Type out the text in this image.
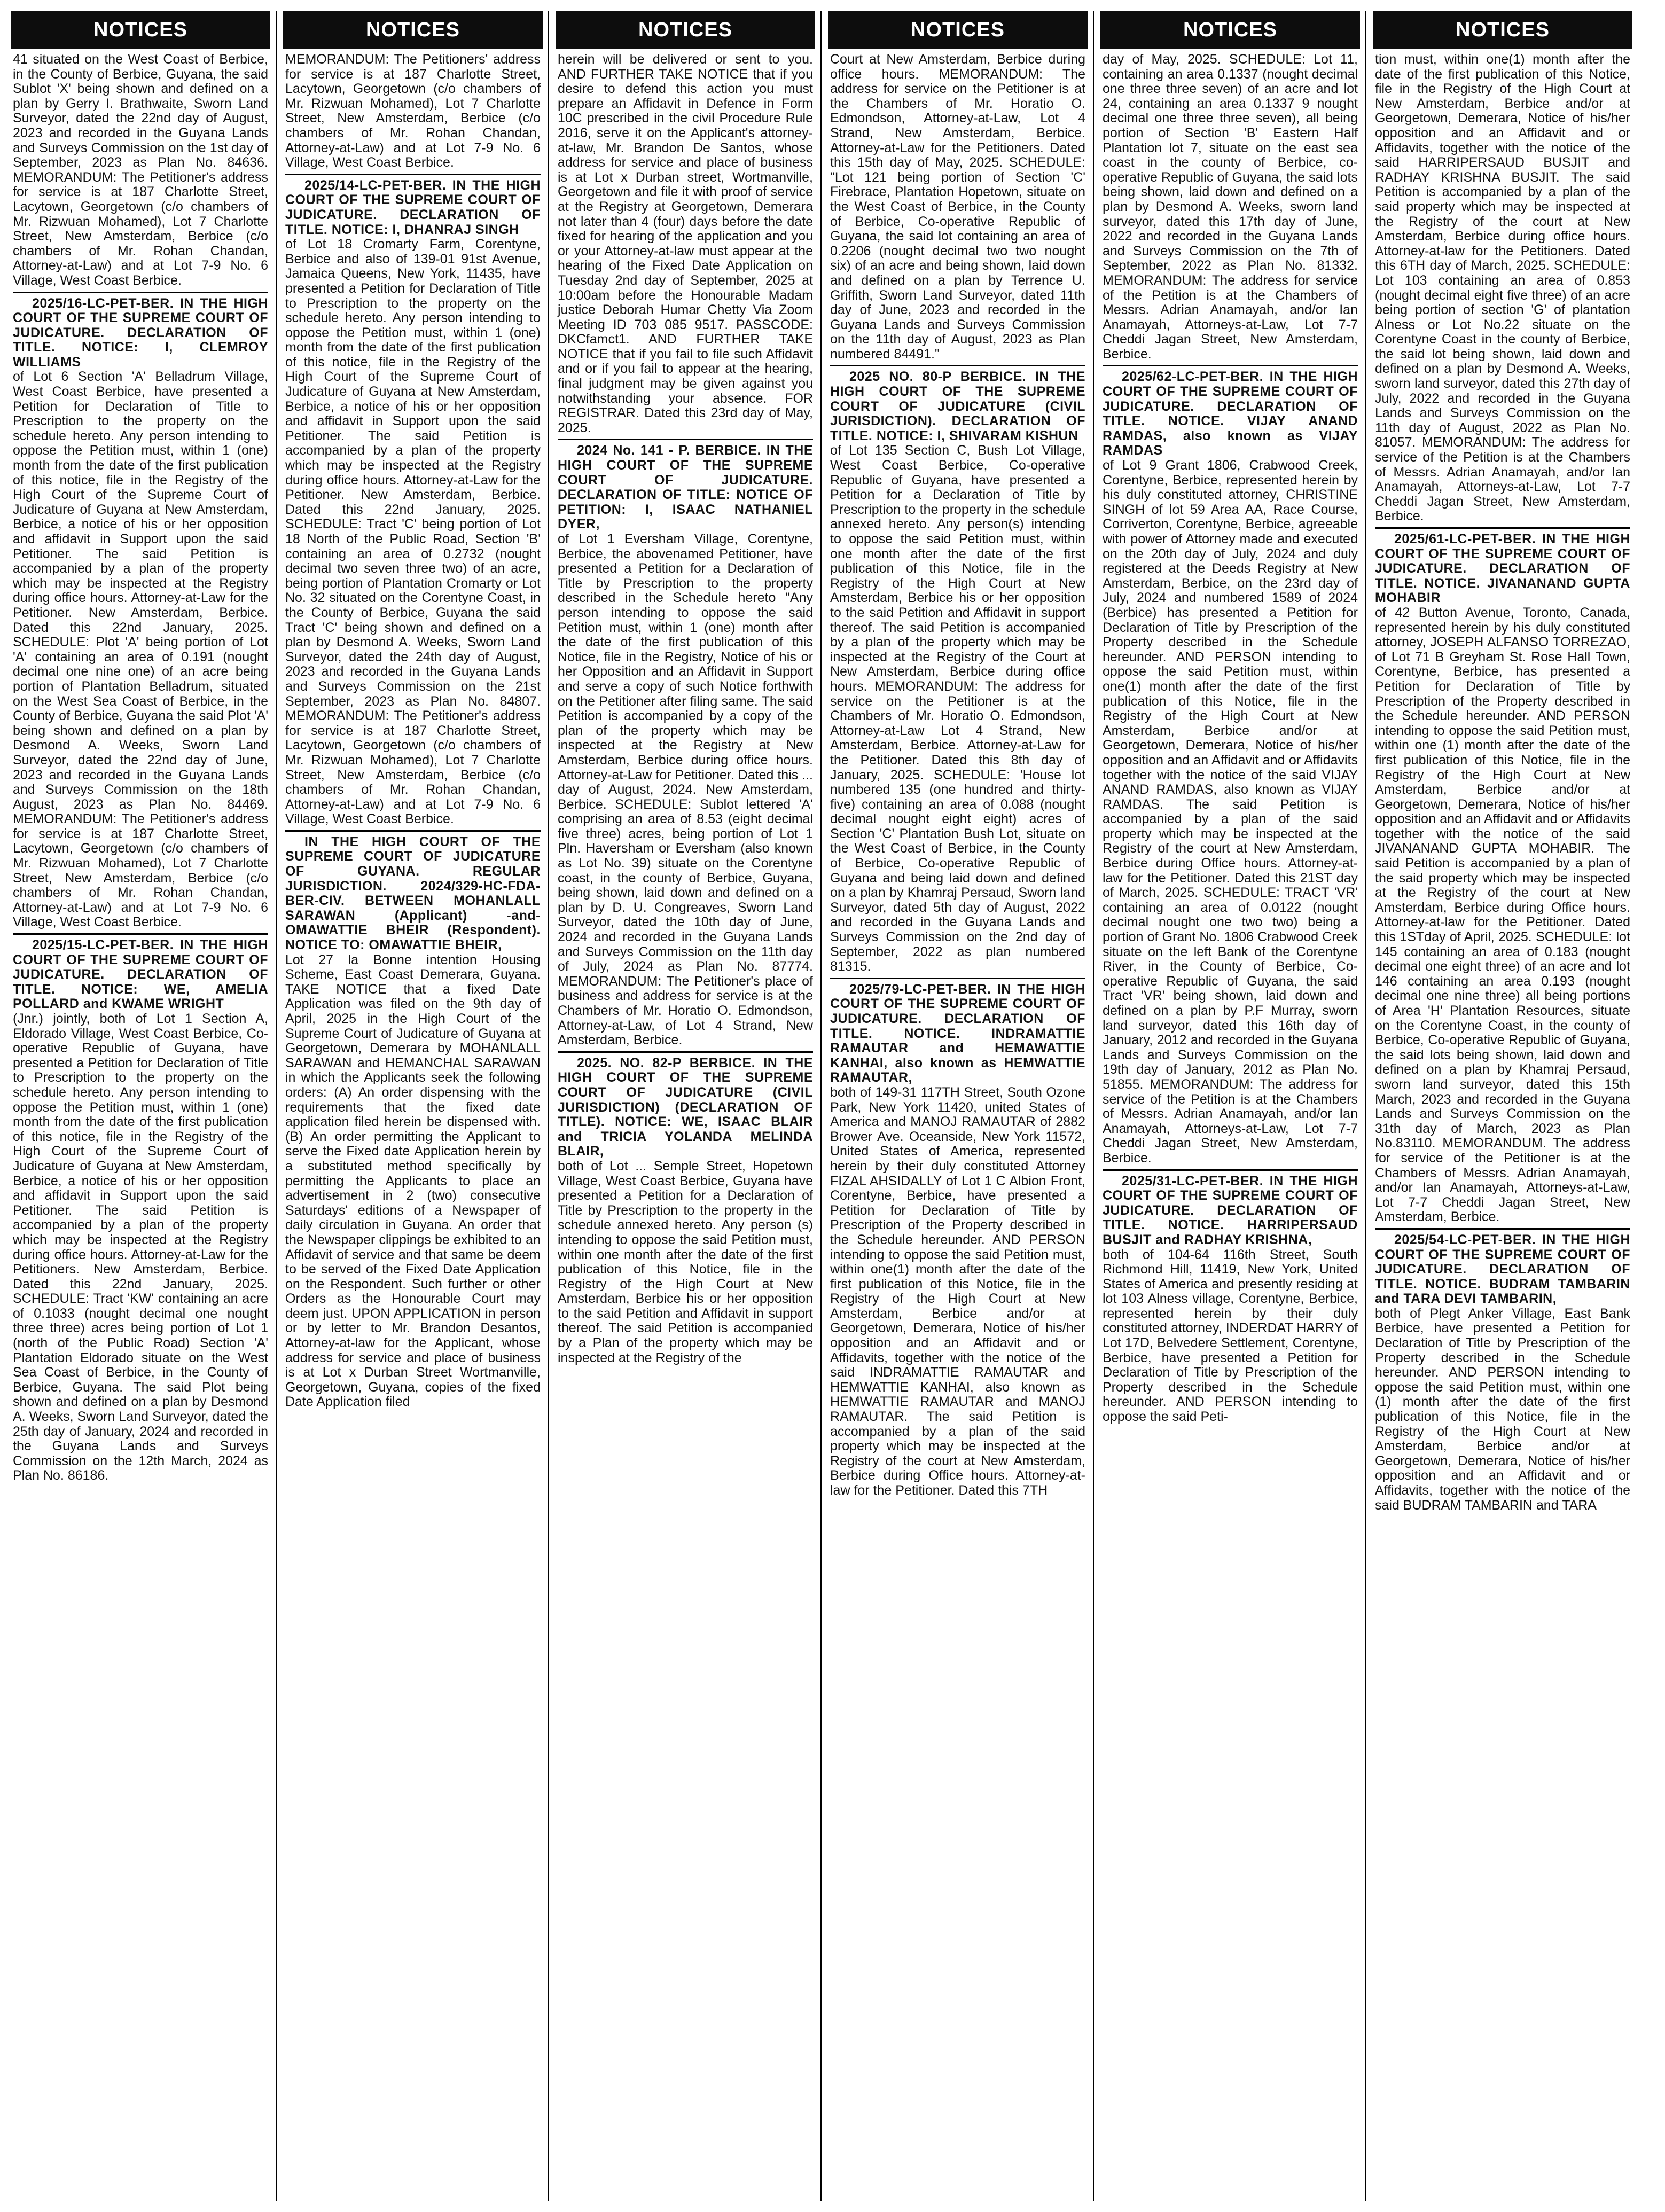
NOTICES
41 situated on the West Coast of Berbice, in the County of Berbice, Guyana, the said Sublot 'X' being shown and defined on a plan by Gerry I. Brathwaite, Sworn Land Surveyor, dated the 22nd day of August, 2023 and recorded in the Guyana Lands and Surveys Commission on the 1st day of September, 2023 as Plan No. 84636. MEMORANDUM: The Petitioner's address for service is at 187 Charlotte Street, Lacytown, Georgetown (c/o chambers of Mr. Rizwuan Mohamed), Lot 7 Charlotte Street, New Amsterdam, Berbice (c/o chambers of Mr. Rohan Chandan, Attorney-at-Law) and at Lot 7-9 No. 6 Village, West Coast Berbice.
2025/16-LC-PET-BER. IN THE HIGH COURT OF THE SUPREME COURT OF JUDICATURE. DECLARATION OF TITLE. NOTICE: I, CLEMROY WILLIAMS
of Lot 6 Section 'A' Belladrum Village, West Coast Berbice, have presented a Petition for Declaration of Title to Prescription to the property on the schedule hereto. Any person intending to oppose the Petition must, within 1 (one) month from the date of the first publication of this notice, file in the Registry of the High Court of the Supreme Court of Judicature of Guyana at New Amsterdam, Berbice, a notice of his or her opposition and affidavit in Support upon the said Petitioner. The said Petition is accompanied by a plan of the property which may be inspected at the Registry during office hours. Attorney-at-Law for the Petitioner. New Amsterdam, Berbice. Dated this 22nd January, 2025. SCHEDULE: Plot 'A' being portion of Lot 'A' containing an area of 0.191 (nought decimal one nine one) of an acre being portion of Plantation Belladrum, situated on the West Sea Coast of Berbice, in the County of Berbice, Guyana the said Plot 'A' being shown and defined on a plan by Desmond A. Weeks, Sworn Land Surveyor, dated the 22nd day of June, 2023 and recorded in the Guyana Lands and Surveys Commission on the 18th August, 2023 as Plan No. 84469. MEMORANDUM: The Petitioner's address for service is at 187 Charlotte Street, Lacytown, Georgetown (c/o chambers of Mr. Rizwuan Mohamed), Lot 7 Charlotte Street, New Amsterdam, Berbice (c/o chambers of Mr. Rohan Chandan, Attorney-at-Law) and at Lot 7-9 No. 6 Village, West Coast Berbice.
2025/15-LC-PET-BER. IN THE HIGH COURT OF THE SUPREME COURT OF JUDICATURE. DECLARATION OF TITLE. NOTICE: WE, AMELIA POLLARD and KWAME WRIGHT
(Jnr.) jointly, both of Lot 1 Section A, Eldorado Village, West Coast Berbice, Co-operative Republic of Guyana, have presented a Petition for Declaration of Title to Prescription to the property on the schedule hereto. Any person intending to oppose the Petition must, within 1 (one) month from the date of the first publication of this notice, file in the Registry of the High Court of the Supreme Court of Judicature of Guyana at New Amsterdam, Berbice, a notice of his or her opposition and affidavit in Support upon the said Petitioner. The said Petition is accompanied by a plan of the property which may be inspected at the Registry during office hours. Attorney-at-Law for the Petitioners. New Amsterdam, Berbice. Dated this 22nd January, 2025. SCHEDULE: Tract 'KW' containing an acre of 0.1033 (nought decimal one nought three three) acres being portion of Lot 1 (north of the Public Road) Section 'A' Plantation Eldorado situate on the West Sea Coast of Berbice, in the County of Berbice, Guyana. The said Plot being shown and defined on a plan by Desmond A. Weeks, Sworn Land Surveyor, dated the 25th day of January, 2024 and recorded in the Guyana Lands and Surveys Commission on the 12th March, 2024 as Plan No. 86186.
NOTICES
MEMORANDUM: The Petitioners' address for service is at 187 Charlotte Street, Lacytown, Georgetown (c/o chambers of Mr. Rizwuan Mohamed), Lot 7 Charlotte Street, New Amsterdam, Berbice (c/o chambers of Mr. Rohan Chandan, Attorney-at-Law) and at Lot 7-9 No. 6 Village, West Coast Berbice.
2025/14-LC-PET-BER. IN THE HIGH COURT OF THE SUPREME COURT OF JUDICATURE. DECLARATION OF TITLE. NOTICE: I, DHANRAJ SINGH
of Lot 18 Cromarty Farm, Corentyne, Berbice and also of 139-01 91st Avenue, Jamaica Queens, New York, 11435, have presented a Petition for Declaration of Title to Prescription to the property on the schedule hereto. Any person intending to oppose the Petition must, within 1 (one) month from the date of the first publication of this notice, file in the Registry of the High Court of the Supreme Court of Judicature of Guyana at New Amsterdam, Berbice, a notice of his or her opposition and affidavit in Support upon the said Petitioner. The said Petition is accompanied by a plan of the property which may be inspected at the Registry during office hours. Attorney-at-Law for the Petitioner. New Amsterdam, Berbice. Dated this 22nd January, 2025. SCHEDULE: Tract 'C' being portion of Lot 18 North of the Public Road, Section 'B' containing an area of 0.2732 (nought decimal two seven three two) of an acre, being portion of Plantation Cromarty or Lot No. 32 situated on the Corentyne Coast, in the County of Berbice, Guyana the said Tract 'C' being shown and defined on a plan by Desmond A. Weeks, Sworn Land Surveyor, dated the 24th day of August, 2023 and recorded in the Guyana Lands and Surveys Commission on the 21st September, 2023 as Plan No. 84807. MEMORANDUM: The Petitioner's address for service is at 187 Charlotte Street, Lacytown, Georgetown (c/o chambers of Mr. Rizwuan Mohamed), Lot 7 Charlotte Street, New Amsterdam, Berbice (c/o chambers of Mr. Rohan Chandan, Attorney-at-Law) and at Lot 7-9 No. 6 Village, West Coast Berbice.
IN THE HIGH COURT OF THE SUPREME COURT OF JUDICATURE OF GUYANA. REGULAR JURISDICTION. 2024/329-HC-FDA-BER-CIV. BETWEEN MOHANLALL SARAWAN (Applicant) -and- OMAWATTIE BHEIR (Respondent). NOTICE TO: OMAWATTIE BHEIR,
Lot 27 la Bonne intention Housing Scheme, East Coast Demerara, Guyana. TAKE NOTICE that a fixed Date Application was filed on the 9th day of April, 2025 in the High Court of the Supreme Court of Judicature of Guyana at Georgetown, Demerara by MOHANLALL SARAWAN and HEMANCHAL SARAWAN in which the Applicants seek the following orders: (A) An order dispensing with the requirements that the fixed date application filed herein be dispensed with. (B) An order permitting the Applicant to serve the Fixed date Application herein by a substituted method specifically by permitting the Applicants to place an advertisement in 2 (two) consecutive Saturdays' editions of a Newspaper of daily circulation in Guyana. An order that the Newspaper clippings be exhibited to an Affidavit of service and that same be deem to be served of the Fixed Date Application on the Respondent. Such further or other Orders as the Honourable Court may deem just. UPON APPLICATION in person or by letter to Mr. Brandon Desantos, Attorney-at-law for the Applicant, whose address for service and place of business is at Lot x Durban Street Wortmanville, Georgetown, Guyana, copies of the fixed Date Application filed
NOTICES
herein will be delivered or sent to you. AND FURTHER TAKE NOTICE that if you desire to defend this action you must prepare an Affidavit in Defence in Form 10C prescribed in the civil Procedure Rule 2016, serve it on the Applicant's attorney-at-law, Mr. Brandon De Santos, whose address for service and place of business is at Lot x Durban street, Wortmanville, Georgetown and file it with proof of service at the Registry at Georgetown, Demerara not later than 4 (four) days before the date fixed for hearing of the application and you or your Attorney-at-law must appear at the hearing of the Fixed Date Application on Tuesday 2nd day of September, 2025 at 10:00am before the Honourable Madam justice Deborah Humar Chetty Via Zoom Meeting ID 703 085 9517. PASSCODE: DKCfamct1. AND FURTHER TAKE NOTICE that if you fail to file such Affidavit and or if you fail to appear at the hearing, final judgment may be given against you notwithstanding your absence. FOR REGISTRAR. Dated this 23rd day of May, 2025.
2024 No. 141 - P. BERBICE. IN THE HIGH COURT OF THE SUPREME COURT OF JUDICATURE. DECLARATION OF TITLE: NOTICE OF PETITION: I, ISAAC NATHANIEL DYER,
of Lot 1 Eversham Village, Corentyne, Berbice, the abovenamed Petitioner, have presented a Petition for a Declaration of Title by Prescription to the property described in the Schedule hereto "Any person intending to oppose the said Petition must, within 1 (one) month after the date of the first publication of this Notice, file in the Registry, Notice of his or her Opposition and an Affidavit in Support and serve a copy of such Notice forthwith on the Petitioner after filing same. The said Petition is accompanied by a copy of the plan of the property which may be inspected at the Registry at New Amsterdam, Berbice during office hours. Attorney-at-Law for Petitioner. Dated this ... day of August, 2024. New Amsterdam, Berbice. SCHEDULE: Sublot lettered 'A' comprising an area of 8.53 (eight decimal five three) acres, being portion of Lot 1 Pln. Haversham or Eversham (also known as Lot No. 39) situate on the Corentyne coast, in the county of Berbice, Guyana, being shown, laid down and defined on a plan by D. U. Congreaves, Sworn Land Surveyor, dated the 10th day of June, 2024 and recorded in the Guyana Lands and Surveys Commission on the 11th day of July, 2024 as Plan No. 87774. MEMORANDUM: The Petitioner's place of business and address for service is at the Chambers of Mr. Horatio O. Edmondson, Attorney-at-Law, of Lot 4 Strand, New Amsterdam, Berbice.
2025. NO. 82-P BERBICE. IN THE HIGH COURT OF THE SUPREME COURT OF JUDICATURE (CIVIL JURISDICTION) (DECLARATION OF TITLE). NOTICE: WE, ISAAC BLAIR and TRICIA YOLANDA MELINDA BLAIR,
both of Lot ... Semple Street, Hopetown Village, West Coast Berbice, Guyana have presented a Petition for a Declaration of Title by Prescription to the property in the schedule annexed hereto. Any person (s) intending to oppose the said Petition must, within one month after the date of the first publication of this Notice, file in the Registry of the High Court at New Amsterdam, Berbice his or her opposition to the said Petition and Affidavit in support thereof. The said Petition is accompanied by a Plan of the property which may be inspected at the Registry of the
NOTICES
Court at New Amsterdam, Berbice during office hours. MEMORANDUM: The address for service on the Petitioner is at the Chambers of Mr. Horatio O. Edmondson, Attorney-at-Law, Lot 4 Strand, New Amsterdam, Berbice. Attorney-at-Law for the Petitioners. Dated this 15th day of May, 2025. SCHEDULE: "Lot 121 being portion of Section 'C' Firebrace, Plantation Hopetown, situate on the West Coast of Berbice, in the County of Berbice, Co-operative Republic of Guyana, the said lot containing an area of 0.2206 (nought decimal two two nought six) of an acre and being shown, laid down and defined on a plan by Terrence U. Griffith, Sworn Land Surveyor, dated 11th day of June, 2023 and recorded in the Guyana Lands and Surveys Commission on the 11th day of August, 2023 as Plan numbered 84491."
2025 NO. 80-P BERBICE. IN THE HIGH COURT OF THE SUPREME COURT OF JUDICATURE (CIVIL JURISDICTION). DECLARATION OF TITLE. NOTICE: I, SHIVARAM KISHUN
of Lot 135 Section C, Bush Lot Village, West Coast Berbice, Co-operative Republic of Guyana, have presented a Petition for a Declaration of Title by Prescription to the property in the schedule annexed hereto. Any person(s) intending to oppose the said Petition must, within one month after the date of the first publication of this Notice, file in the Registry of the High Court at New Amsterdam, Berbice his or her opposition to the said Petition and Affidavit in support thereof. The said Petition is accompanied by a plan of the property which may be inspected at the Registry of the Court at New Amsterdam, Berbice during office hours. MEMORANDUM: The address for service on the Petitioner is at the Chambers of Mr. Horatio O. Edmondson, Attorney-at-Law Lot 4 Strand, New Amsterdam, Berbice. Attorney-at-Law for the Petitioner. Dated this 8th day of January, 2025. SCHEDULE: 'House lot numbered 135 (one hundred and thirty-five) containing an area of 0.088 (nought decimal nought eight eight) acres of Section 'C' Plantation Bush Lot, situate on the West Coast of Berbice, in the County of Berbice, Co-operative Republic of Guyana and being laid down and defined on a plan by Khamraj Persaud, Sworn land Surveyor, dated 5th day of August, 2022 and recorded in the Guyana Lands and Surveys Commission on the 2nd day of September, 2022 as plan numbered 81315.
2025/79-LC-PET-BER. IN THE HIGH COURT OF THE SUPREME COURT OF JUDICATURE. DECLARATION OF TITLE. NOTICE. INDRAMATTIE RAMAUTAR and HEMAWATTIE KANHAI, also known as HEMWATTIE RAMAUTAR,
both of 149-31 117TH Street, South Ozone Park, New York 11420, united States of America and MANOJ RAMAUTAR of 2882 Brower Ave. Oceanside, New York 11572, United States of America, represented herein by their duly constituted Attorney FIZAL AHSIDALLY of Lot 1 C Albion Front, Corentyne, Berbice, have presented a Petition for Declaration of Title by Prescription of the Property described in the Schedule hereunder. AND PERSON intending to oppose the said Petition must, within one(1) month after the date of the first publication of this Notice, file in the Registry of the High Court at New Amsterdam, Berbice and/or at Georgetown, Demerara, Notice of his/her opposition and an Affidavit and or Affidavits, together with the notice of the said INDRAMATTIE RAMAUTAR and HEMWATTIE KANHAI, also known as HEMWATTIE RAMAUTAR and MANOJ RAMAUTAR. The said Petition is accompanied by a plan of the said property which may be inspected at the Registry of the court at New Amsterdam, Berbice during Office hours. Attorney-at-law for the Petitioner. Dated this 7TH
NOTICES
day of May, 2025. SCHEDULE: Lot 11, containing an area 0.1337 (nought decimal one three three seven) of an acre and lot 24, containing an area 0.1337 9 nought decimal one three three seven), all being portion of Section 'B' Eastern Half Plantation lot 7, situate on the east sea coast in the county of Berbice, co-operative Republic of Guyana, the said lots being shown, laid down and defined on a plan by Desmond A. Weeks, sworn land surveyor, dated this 17th day of June, 2022 and recorded in the Guyana Lands and Surveys Commission on the 7th of September, 2022 as Plan No. 81332. MEMORANDUM: The address for service of the Petition is at the Chambers of Messrs. Adrian Anamayah, and/or Ian Anamayah, Attorneys-at-Law, Lot 7-7 Cheddi Jagan Street, New Amsterdam, Berbice.
2025/62-LC-PET-BER. IN THE HIGH COURT OF THE SUPREME COURT OF JUDICATURE. DECLARATION OF TITLE. NOTICE. VIJAY ANAND RAMDAS, also known as VIJAY RAMDAS
of Lot 9 Grant 1806, Crabwood Creek, Corentyne, Berbice, represented herein by his duly constituted attorney, CHRISTINE SINGH of lot 59 Area AA, Race Course, Corriverton, Corentyne, Berbice, agreeable with power of Attorney made and executed on the 20th day of July, 2024 and duly registered at the Deeds Registry at New Amsterdam, Berbice, on the 23rd day of July, 2024 and numbered 1589 of 2024 (Berbice) has presented a Petition for Declaration of Title by Prescription of the Property described in the Schedule hereunder. AND PERSON intending to oppose the said Petition must, within one(1) month after the date of the first publication of this Notice, file in the Registry of the High Court at New Amsterdam, Berbice and/or at Georgetown, Demerara, Notice of his/her opposition and an Affidavit and or Affidavits together with the notice of the said VIJAY ANAND RAMDAS, also known as VIJAY RAMDAS. The said Petition is accompanied by a plan of the said property which may be inspected at the Registry of the court at New Amsterdam, Berbice during Office hours. Attorney-at-law for the Petitioner. Dated this 21ST day of March, 2025. SCHEDULE: TRACT 'VR' containing an area of 0.0122 (nought decimal nought one two two) being a portion of Grant No. 1806 Crabwood Creek situate on the left Bank of the Corentyne River, in the County of Berbice, Co-operative Republic of Guyana, the said Tract 'VR' being shown, laid down and defined on a plan by P.F Murray, sworn land surveyor, dated this 16th day of January, 2012 and recorded in the Guyana Lands and Surveys Commission on the 19th day of January, 2012 as Plan No. 51855. MEMORANDUM: The address for service of the Petition is at the Chambers of Messrs. Adrian Anamayah, and/or Ian Anamayah, Attorneys-at-Law, Lot 7-7 Cheddi Jagan Street, New Amsterdam, Berbice.
2025/31-LC-PET-BER. IN THE HIGH COURT OF THE SUPREME COURT OF JUDICATURE. DECLARATION OF TITLE. NOTICE. HARRIPERSAUD BUSJIT and RADHAY KRISHNA,
both of 104-64 116th Street, South Richmond Hill, 11419, New York, United States of America and presently residing at lot 103 Alness village, Corentyne, Berbice, represented herein by their duly constituted attorney, INDERDAT HARRY of Lot 17D, Belvedere Settlement, Corentyne, Berbice, have presented a Petition for Declaration of Title by Prescription of the Property described in the Schedule hereunder. AND PERSON intending to oppose the said Peti-
NOTICES
tion must, within one(1) month after the date of the first publication of this Notice, file in the Registry of the High Court at New Amsterdam, Berbice and/or at Georgetown, Demerara, Notice of his/her opposition and an Affidavit and or Affidavits, together with the notice of the said HARRIPERSAUD BUSJIT and RADHAY KRISHNA BUSJIT. The said Petition is accompanied by a plan of the said property which may be inspected at the Registry of the court at New Amsterdam, Berbice during office hours. Attorney-at-law for the Petitioners. Dated this 6TH day of March, 2025. SCHEDULE: Lot 103 containing an area of 0.853 (nought decimal eight five three) of an acre being portion of section 'G' of plantation Alness or Lot No.22 situate on the Corentyne Coast in the county of Berbice, the said lot being shown, laid down and defined on a plan by Desmond A. Weeks, sworn land surveyor, dated this 27th day of July, 2022 and recorded in the Guyana Lands and Surveys Commission on the 11th day of August, 2022 as Plan No. 81057. MEMORANDUM: The address for service of the Petition is at the Chambers of Messrs. Adrian Anamayah, and/or Ian Anamayah, Attorneys-at-Law, Lot 7-7 Cheddi Jagan Street, New Amsterdam, Berbice.
2025/61-LC-PET-BER. IN THE HIGH COURT OF THE SUPREME COURT OF JUDICATURE. DECLARATION OF TITLE. NOTICE. JIVANANAND GUPTA MOHABIR
of 42 Button Avenue, Toronto, Canada, represented herein by his duly constituted attorney, JOSEPH ALFANSO TORREZAO, of Lot 71 B Greyham St. Rose Hall Town, Corentyne, Berbice, has presented a Petition for Declaration of Title by Prescription of the Property described in the Schedule hereunder. AND PERSON intending to oppose the said Petition must, within one (1) month after the date of the first publication of this Notice, file in the Registry of the High Court at New Amsterdam, Berbice and/or at Georgetown, Demerara, Notice of his/her opposition and an Affidavit and or Affidavits together with the notice of the said JIVANANAND GUPTA MOHABIR. The said Petition is accompanied by a plan of the said property which may be inspected at the Registry of the court at New Amsterdam, Berbice during Office hours. Attorney-at-law for the Petitioner. Dated this 1STday of April, 2025. SCHEDULE: lot 145 containing an area of 0.183 (nought decimal one eight three) of an acre and lot 146 containing an area 0.193 (nought decimal one nine three) all being portions of Area 'H' Plantation Resources, situate on the Corentyne Coast, in the county of Berbice, Co-operative Republic of Guyana, the said lots being shown, laid down and defined on a plan by Khamraj Persaud, sworn land surveyor, dated this 15th March, 2023 and recorded in the Guyana Lands and Surveys Commission on the 31th day of March, 2023 as Plan No.83110. MEMORANDUM. The address for service of the Petitioner is at the Chambers of Messrs. Adrian Anamayah, and/or Ian Anamayah, Attorneys-at-Law, Lot 7-7 Cheddi Jagan Street, New Amsterdam, Berbice.
2025/54-LC-PET-BER. IN THE HIGH COURT OF THE SUPREME COURT OF JUDICATURE. DECLARATION OF TITLE. NOTICE. BUDRAM TAMBARIN and TARA DEVI TAMBARIN,
both of Plegt Anker Village, East Bank Berbice, have presented a Petition for Declaration of Title by Prescription of the Property described in the Schedule hereunder. AND PERSON intending to oppose the said Petition must, within one (1) month after the date of the first publication of this Notice, file in the Registry of the High Court at New Amsterdam, Berbice and/or at Georgetown, Demerara, Notice of his/her opposition and an Affidavit and or Affidavits, together with the notice of the said BUDRAM TAMBARIN and TARA
